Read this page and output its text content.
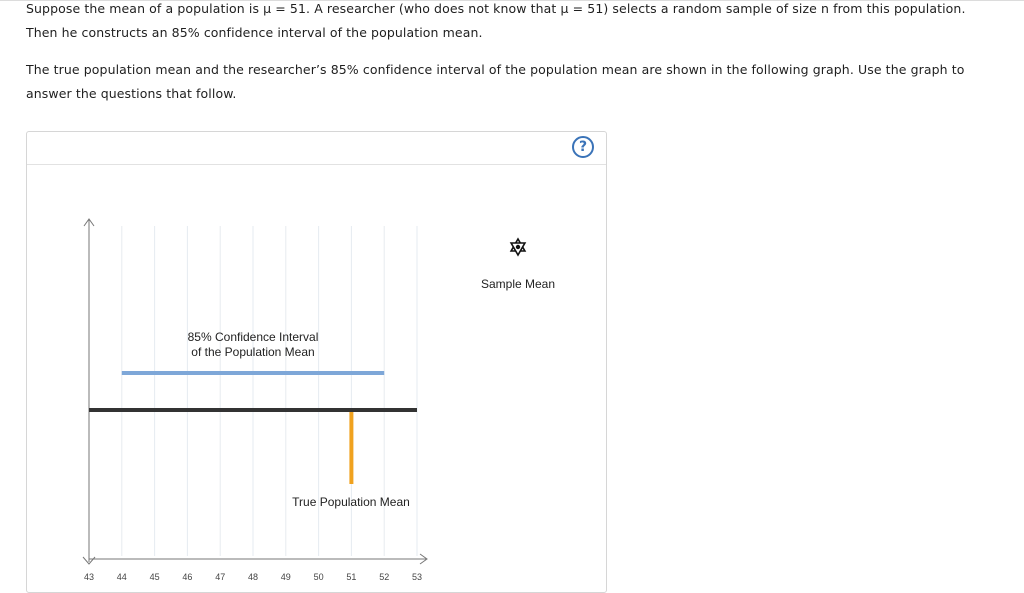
Suppose the mean of a population is μ = 51. A researcher (who does not know that μ = 51) selects a random sample of size n from this population.
Then he constructs an 85% confidence interval of the population mean.
The true population mean and the researcher’s 85% confidence interval of the population mean are shown in the following graph. Use the graph to
answer the questions that follow.
?
43	44	45	46	47	48	49	50	51	52	53
85% Confidence Interval
of the Population Mean
True Population Mean
Sample Mean
